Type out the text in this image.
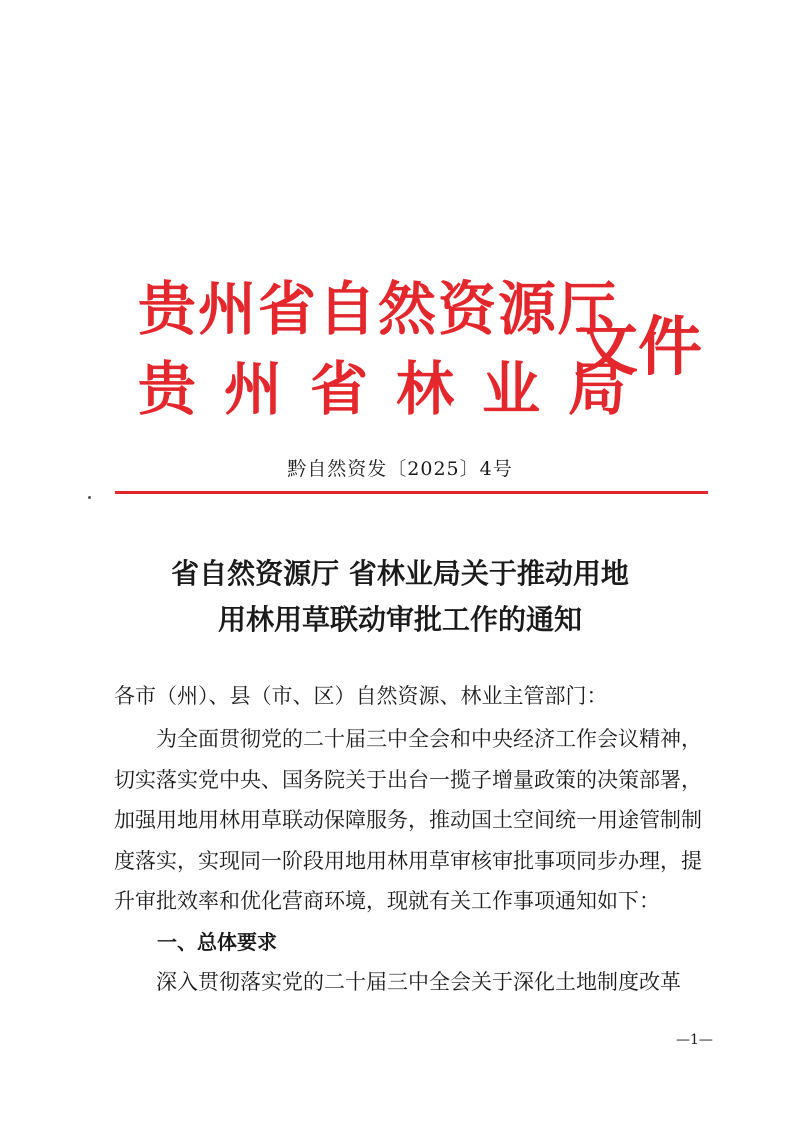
贵州省自然资源厅
贵州省林业局
文件
黔自然资发〔2025〕4号
省自然资源厅 省林业局关于推动用地
用林用草联动审批工作的通知
各市（州）、县（市、区）自然资源、林业主管部门：
为全面贯彻党的二十届三中全会和中央经济工作会议精神，
切实落实党中央、国务院关于出台一揽子增量政策的决策部署，
加强用地用林用草联动保障服务，推动国土空间统一用途管制制
度落实，实现同一阶段用地用林用草审核审批事项同步办理，提
升审批效率和优化营商环境，现就有关工作事项通知如下：
一、总体要求
深入贯彻落实党的二十届三中全会关于深化土地制度改革
—1—
